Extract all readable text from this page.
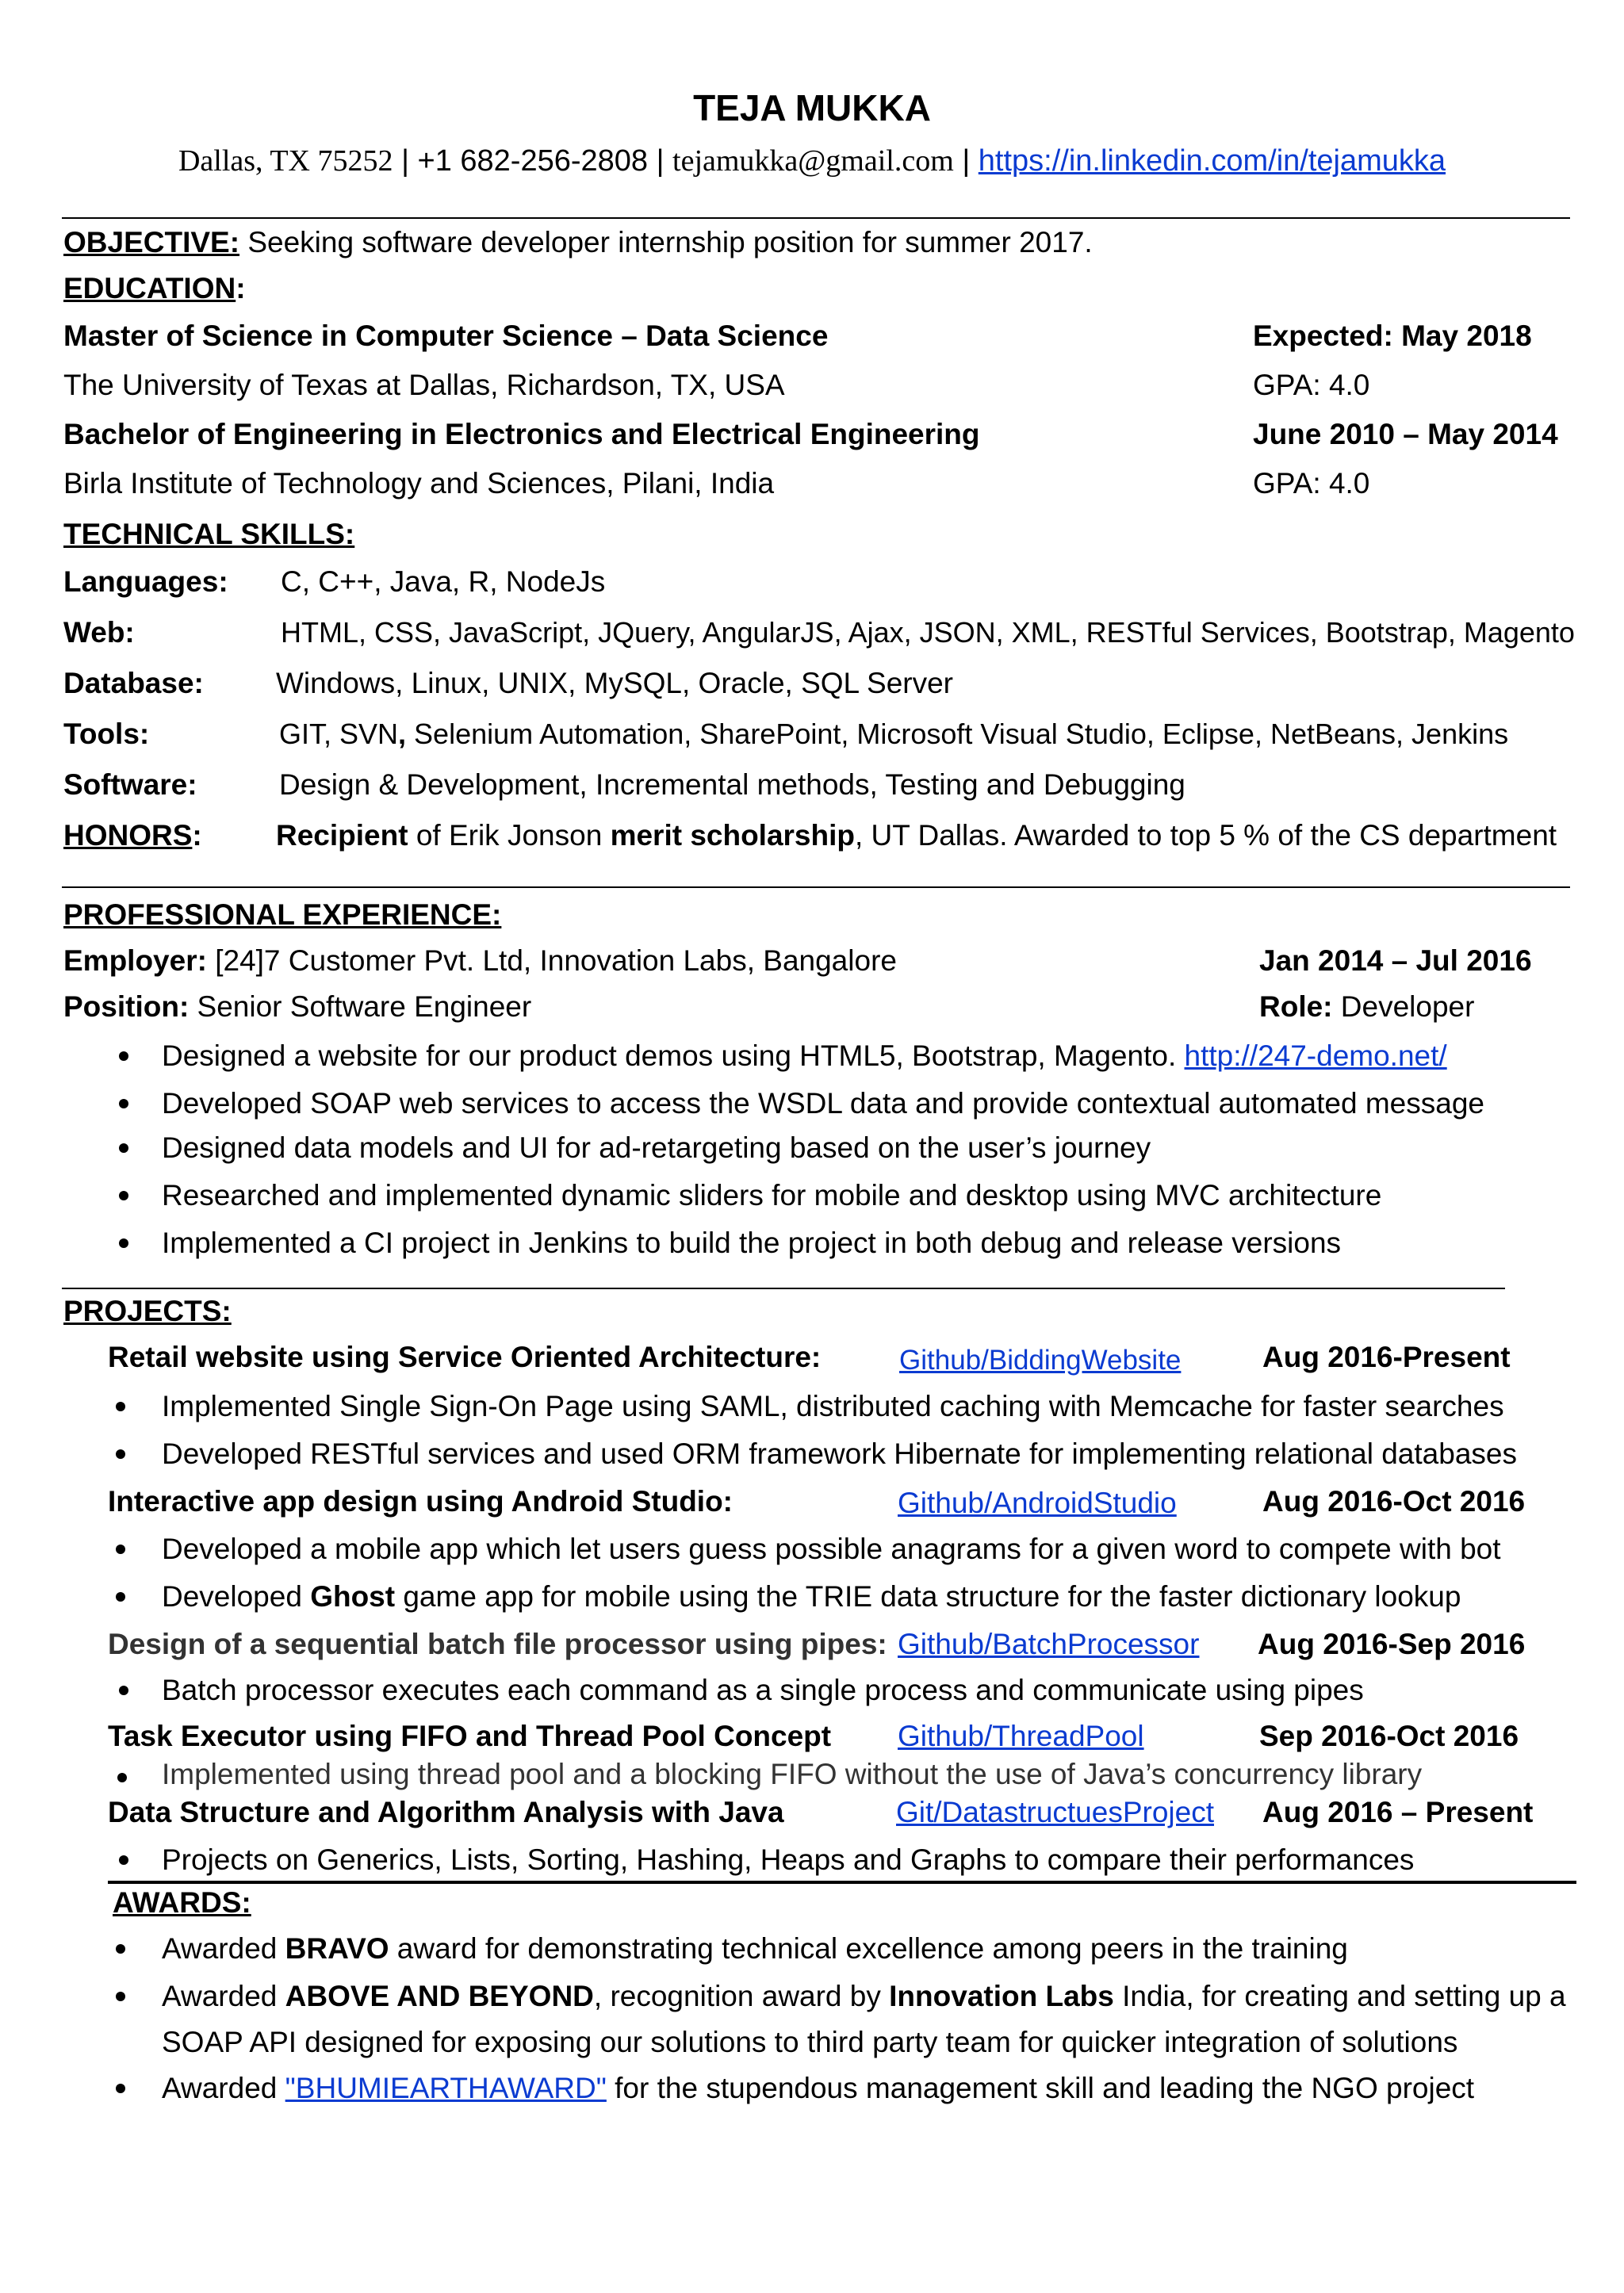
TEJA MUKKA
Dallas, TX 75252 | +1 682-256-2808 | tejamukka@gmail.com | https://in.linkedin.com/in/tejamukka
OBJECTIVE: Seeking software developer internship position for summer 2017.
EDUCATION:
Master of Science in Computer Science – Data Science	Expected: May 2018
The University of Texas at Dallas, Richardson, TX, USA	GPA: 4.0
Bachelor of Engineering in Electronics and Electrical Engineering	June 2010 – May 2014
Birla Institute of Technology and Sciences, Pilani, India	GPA: 4.0
TECHNICAL SKILLS:
Languages: C, C++, Java, R, NodeJs
Web:	HTML, CSS, JavaScript, JQuery, AngularJS, Ajax, JSON, XML, RESTful Services, Bootstrap, Magento
Database: Windows, Linux, UNIX, MySQL, Oracle, SQL Server
Tools:	GIT, SVN, Selenium Automation, SharePoint, Microsoft Visual Studio, Eclipse, NetBeans, Jenkins
Software:	Design & Development, Incremental methods, Testing and Debugging
HONORS:	Recipient of Erik Jonson merit scholarship, UT Dallas. Awarded to top 5 % of the CS department
PROFESSIONAL EXPERIENCE:
Employer: [24]7 Customer Pvt. Ltd, Innovation Labs, Bangalore	Jan 2014 – Jul 2016
Position: Senior Software Engineer	Role: Developer
Designed a website for our product demos using HTML5, Bootstrap, Magento. http://247-demo.net/
Developed SOAP web services to access the WSDL data and provide contextual automated message
Designed data models and UI for ad-retargeting based on the user’s journey
Researched and implemented dynamic sliders for mobile and desktop using MVC architecture
Implemented a CI project in Jenkins to build the project in both debug and release versions
PROJECTS:
Retail website using Service Oriented Architecture:	Github/BiddingWebsite	Aug 2016-Present
Implemented Single Sign-On Page using SAML, distributed caching with Memcache for faster searches
Developed RESTful services and used ORM framework Hibernate for implementing relational databases
Interactive app design using Android Studio:	Github/AndroidStudio	Aug 2016-Oct 2016
Developed a mobile app which let users guess possible anagrams for a given word to compete with bot
Developed Ghost game app for mobile using the TRIE data structure for the faster dictionary lookup
Design of a sequential batch file processor using pipes: Github/BatchProcessor Aug 2016-Sep 2016
Batch processor executes each command as a single process and communicate using pipes
Task Executor using FIFO and Thread Pool Concept Github/ThreadPool	Sep 2016-Oct 2016
Implemented using thread pool and a blocking FIFO without the use of Java’s concurrency library
Data Structure and Algorithm Analysis with Java	Git/DatastructuesProject Aug 2016 – Present
Projects on Generics, Lists, Sorting, Hashing, Heaps and Graphs to compare their performances
AWARDS:
Awarded BRAVO award for demonstrating technical excellence among peers in the training
Awarded ABOVE AND BEYOND, recognition award by Innovation Labs India, for creating and setting up a
SOAP API designed for exposing our solutions to third party team for quicker integration of solutions
Awarded "BHUMIEARTHAWARD" for the stupendous management skill and leading the NGO project
